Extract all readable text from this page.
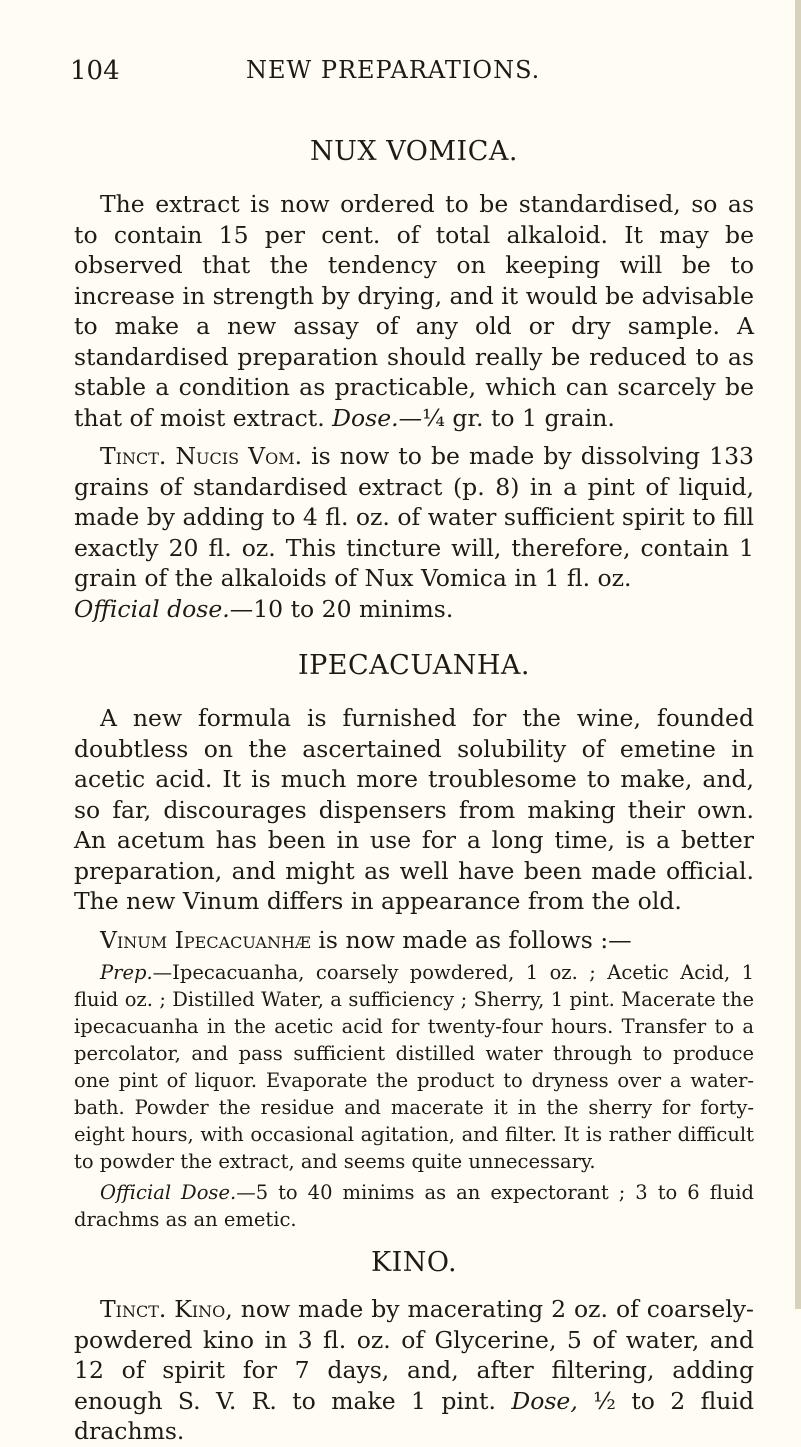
104	NEW PREPARATIONS.
NUX VOMICA.

The extract is now ordered to be standardised, so as to contain 15 per cent. of total alkaloid. It may be observed that the tendency on keeping will be to increase in strength by drying, and it would be advisable to make a new assay of any old or dry sample. A standardised preparation should really be reduced to as stable a condition as practicable, which can scarcely be that of moist extract. Dose.—¼ gr. to 1 grain.

Tinct. Nucis Vom. is now to be made by dissolving 133 grains of standardised extract (p. 8) in a pint of liquid, made by adding to 4 fl. oz. of water sufficient spirit to fill exactly 20 fl. oz. This tincture will, therefore, contain 1 grain of the alkaloids of Nux Vomica in 1 fl. oz.
Official dose.—10 to 20 minims.

IPECACUANHA.

A new formula is furnished for the wine, founded doubtless on the ascertained solubility of emetine in acetic acid. It is much more troublesome to make, and, so far, discourages dispensers from making their own. An acetum has been in use for a long time, is a better preparation, and might as well have been made official. The new Vinum differs in appearance from the old.

Vinum Ipecacuanhæ is now made as follows :—

Prep.—Ipecacuanha, coarsely powdered, 1 oz. ; Acetic Acid, 1 fluid oz. ; Distilled Water, a sufficiency ; Sherry, 1 pint. Macerate the ipecacuanha in the acetic acid for twenty-four hours. Transfer to a percolator, and pass sufficient distilled water through to produce one pint of liquor. Evaporate the product to dryness over a water-bath. Powder the residue and macerate it in the sherry for forty-eight hours, with occasional agitation, and filter. It is rather difficult to powder the extract, and seems quite unnecessary.

Official Dose.—5 to 40 minims as an expectorant ; 3 to 6 fluid drachms as an emetic.

KINO.

Tinct. Kino, now made by macerating 2 oz. of coarsely-powdered kino in 3 fl. oz. of Glycerine, 5 of water, and 12 of spirit for 7 days, and, after filtering, adding enough S. V. R. to make 1 pint. Dose, ½ to 2 fluid drachms.
